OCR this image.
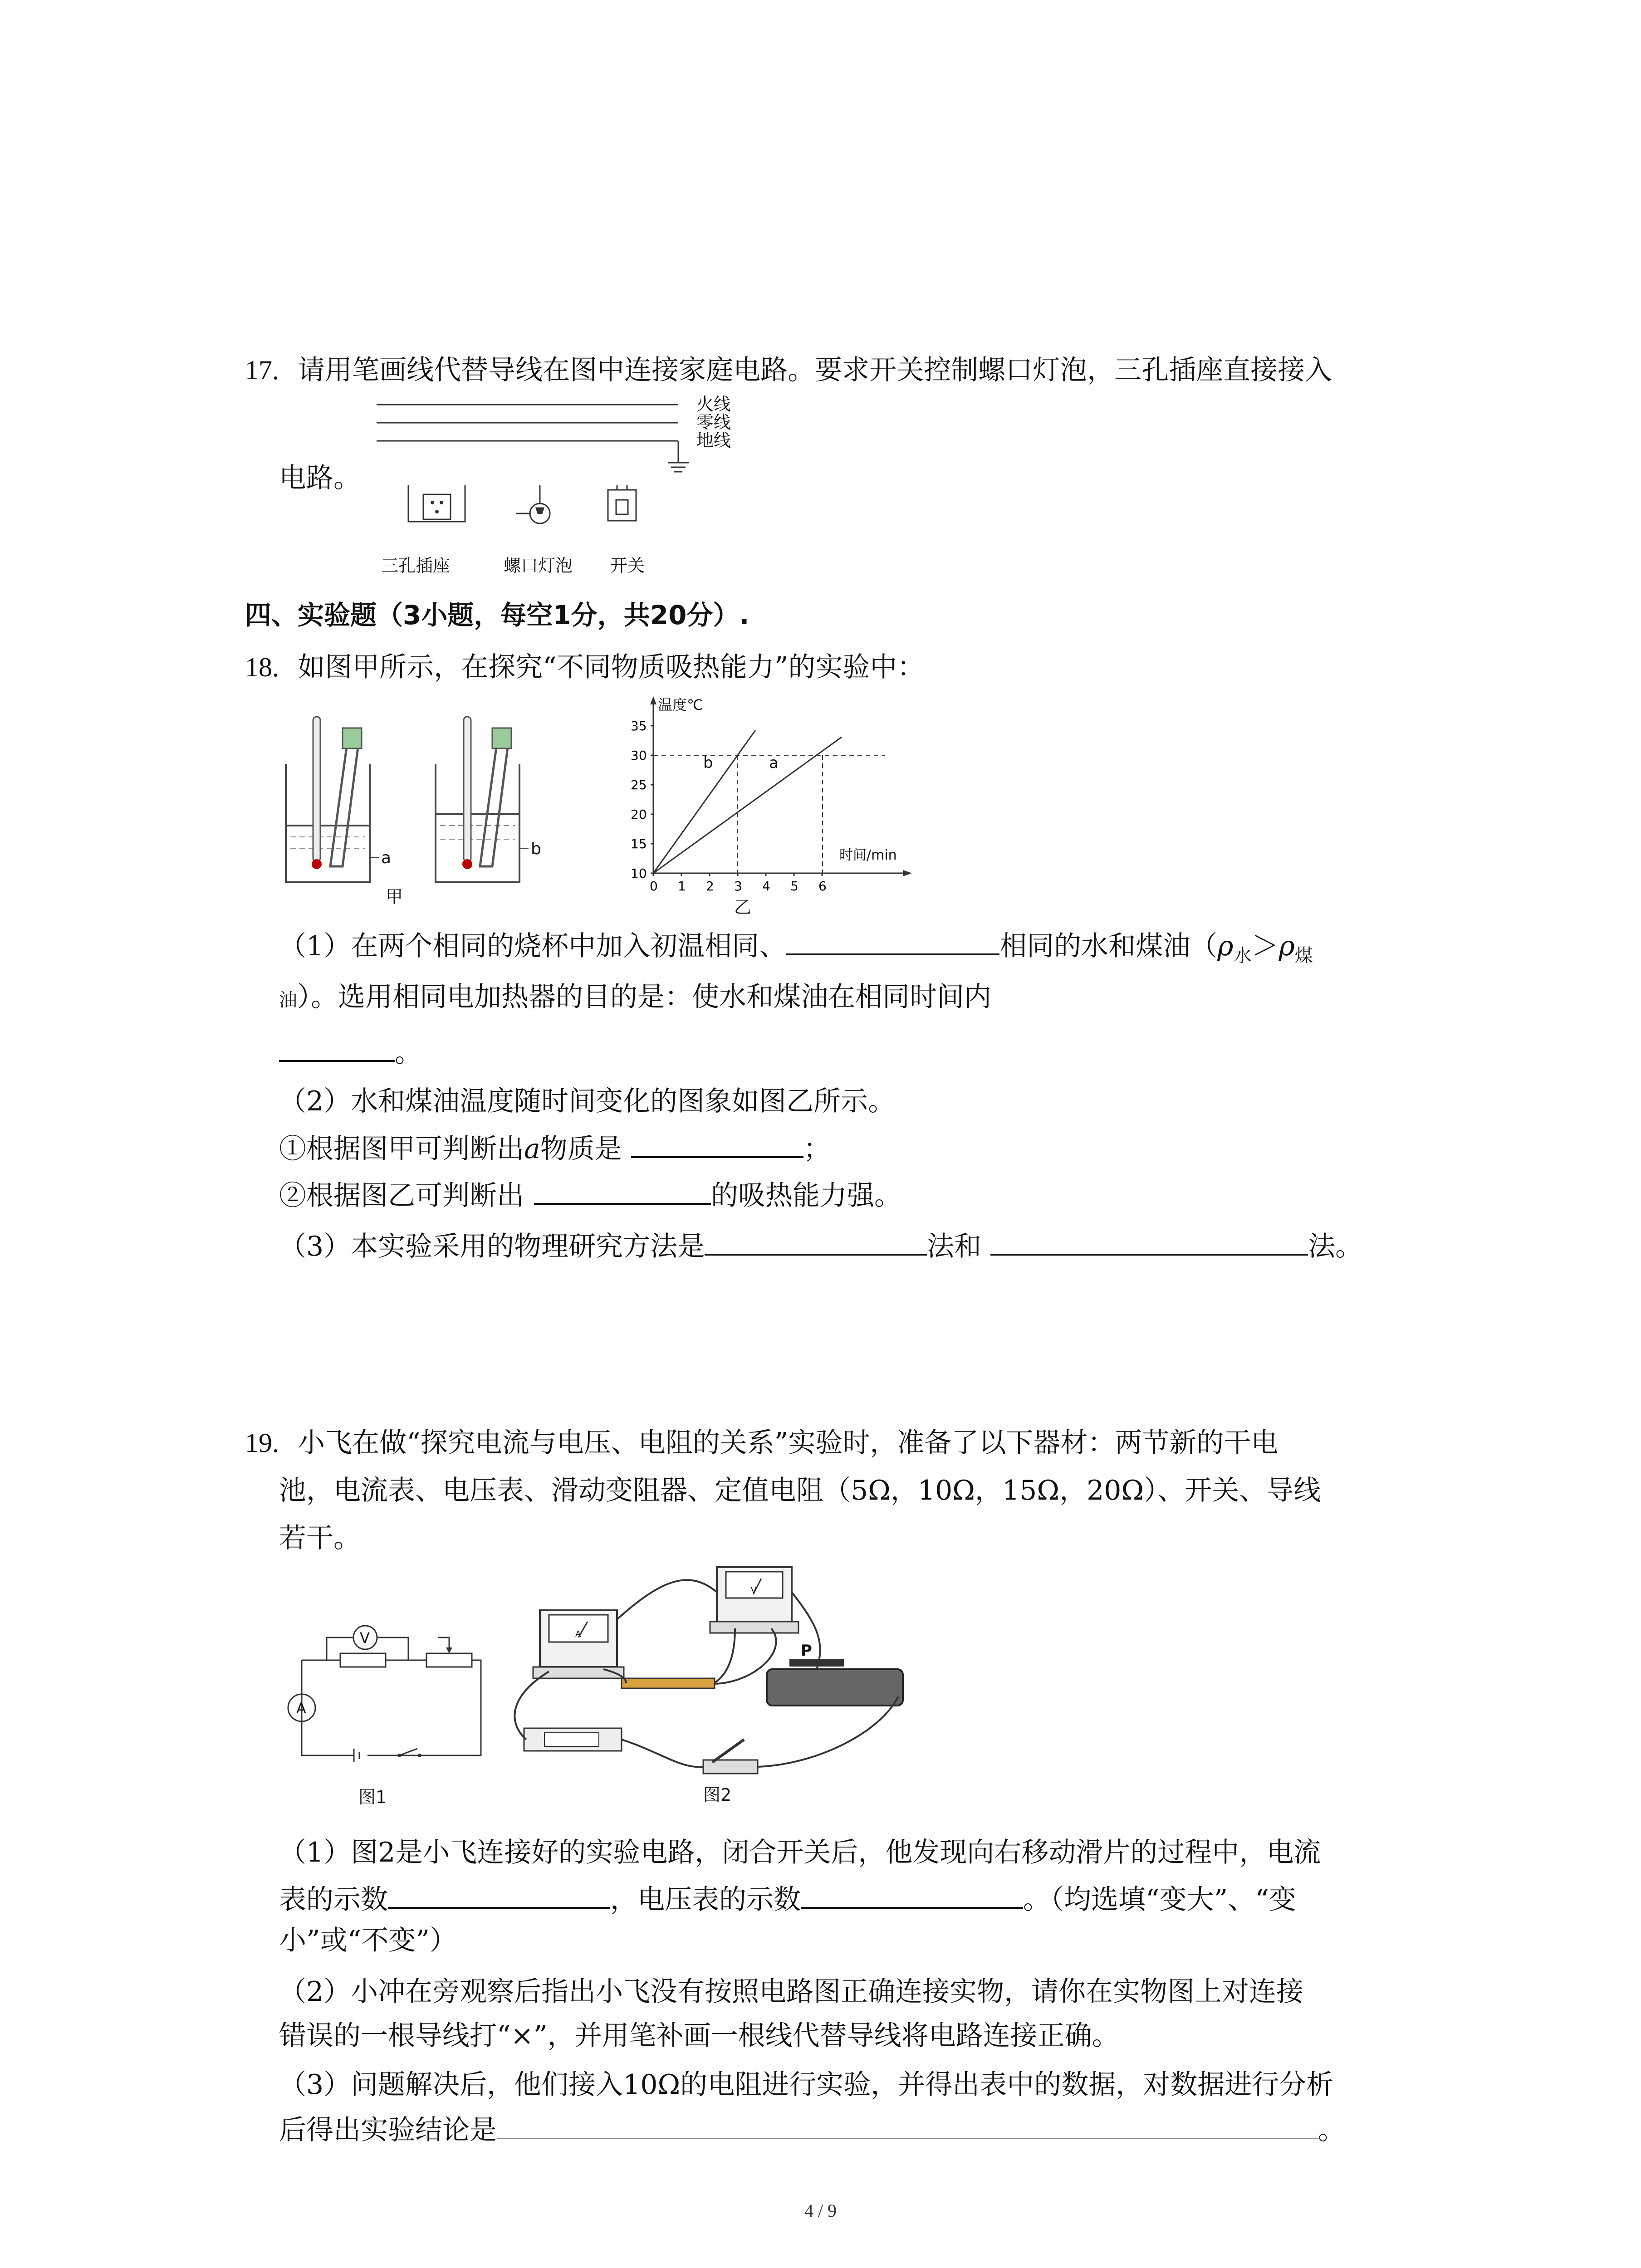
17. 请用笔画线代替导线在图中连接家庭电路。要求开关控制螺口灯泡，三孔插座直接接入
火线
零线
地线
三孔插座	螺口灯泡 开关
电路。
四、实验题（3小题，每空1分，共20分）.
18. 如图甲所示，在探究“不同物质吸热能力”的实验中：
a	b
甲
10
15
20
25
30
35
0 1 2 3 4 5 6
b	a
温度℃
时间/min
乙
（1）在两个相同的烧杯中加入初温相同、	相同的水和煤油（$\rho_水>\rho_煤$
油）。选用相同电加热器的目的是：使水和煤油在相同时间内
。
（2）水和煤油温度随时间变化的图象如图乙所示。
①根据图甲可判断出a物质是	；
②根据图乙可判断出	的吸热能力强。
（3）本实验采用的物理研究方法是	法和	法。
19. 小飞在做“探究电流与电压、电阻的关系”实验时，准备了以下器材：两节新的干电
池，电流表、电压表、滑动变阻器、定值电阻（5Ω，10Ω，15Ω，20Ω）、开关、导线
若干。
V
A
图1
A
V
P
图2
（1）图2是小飞连接好的实验电路，闭合开关后，他发现向右移动滑片的过程中，电流
表的示数	，电压表的示数	。（均选填“变大”、“变
小”或“不变”）
（2）小冲在旁观察后指出小飞没有按照电路图正确连接实物，请你在实物图上对连接
错误的一根导线打“×”，并用笔补画一根线代替导线将电路连接正确。
（3）问题解决后，他们接入10Ω的电阻进行实验，并得出表中的数据，对数据进行分析
后得出实验结论是	。
4 / 9
